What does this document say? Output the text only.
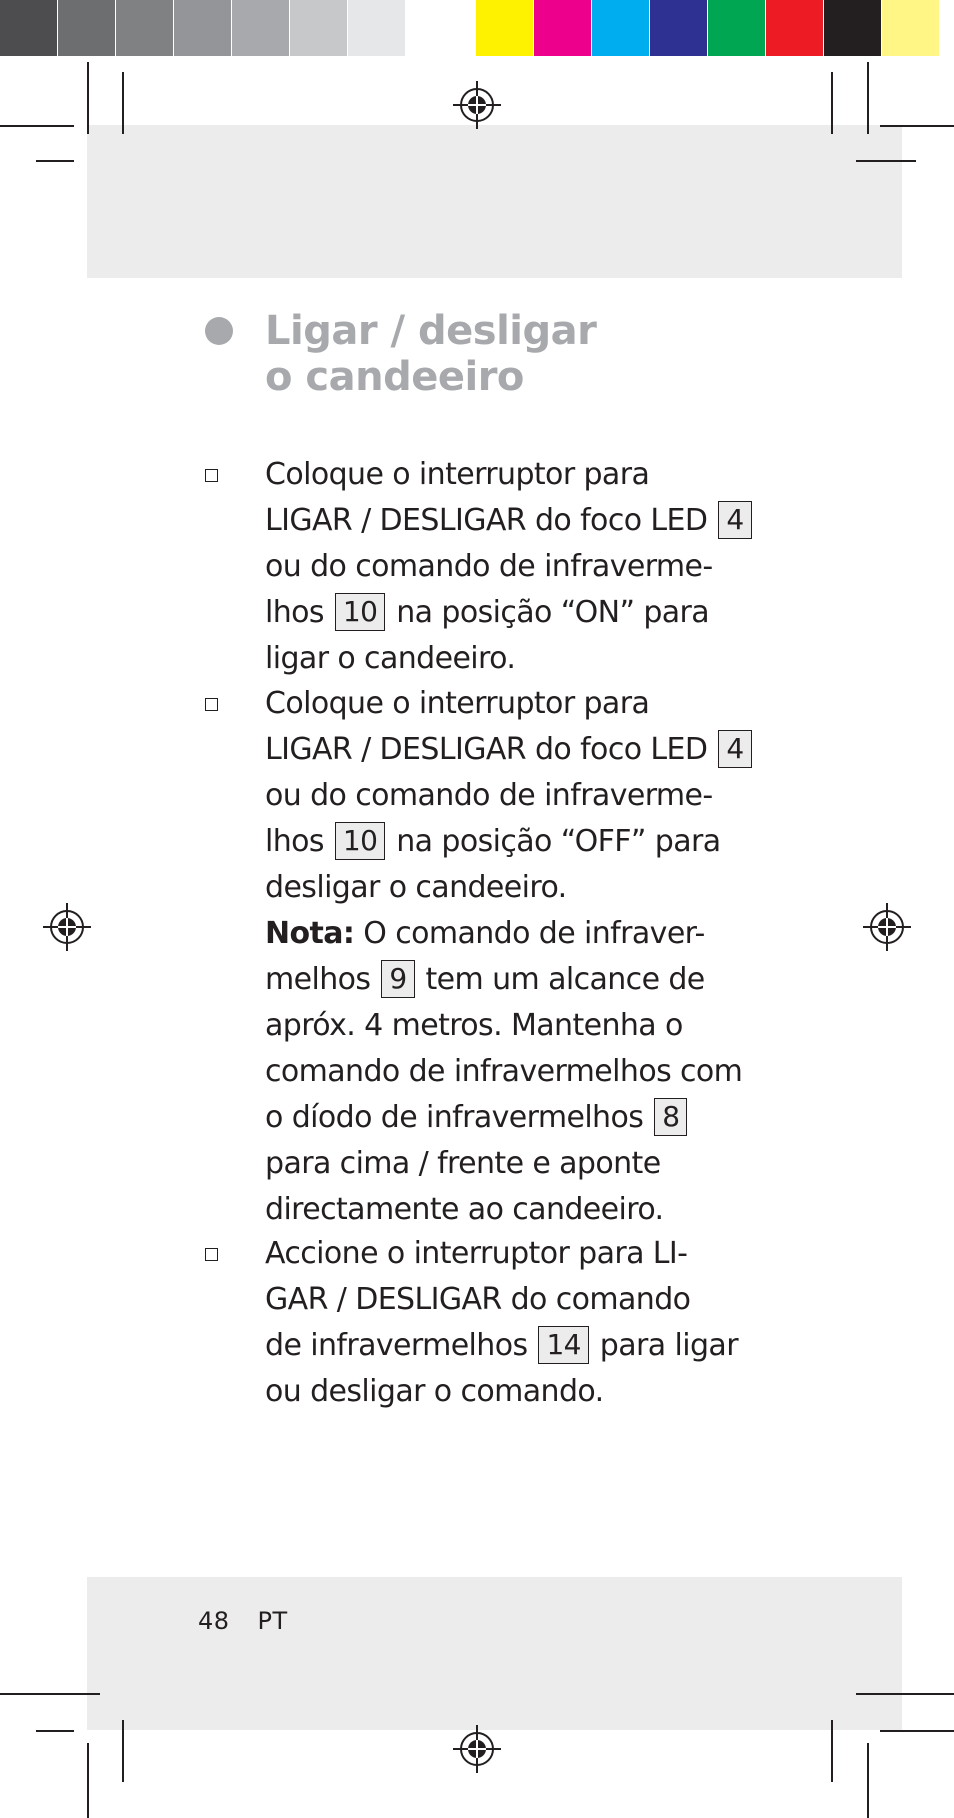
Ligar / desligar
o candeeiro
Coloque o interruptor para
LIGAR / DESLIGAR do foco LED 4
ou do comando de infraverme-
lhos 10 na posição “ON” para
ligar o candeeiro.
Coloque o interruptor para
LIGAR / DESLIGAR do foco LED 4
ou do comando de infraverme-
lhos 10 na posição “OFF” para
desligar o candeeiro.
Nota: O comando de infraver-
melhos 9 tem um alcance de
apróx. 4 metros. Mantenha o
comando de infravermelhos com
o díodo de infravermelhos 8
para cima / frente e aponte
directamente ao candeeiro.
Accione o interruptor para LI-
GAR / DESLIGAR do comando
de infravermelhos 14 para ligar
ou desligar o comando.
48 PT
